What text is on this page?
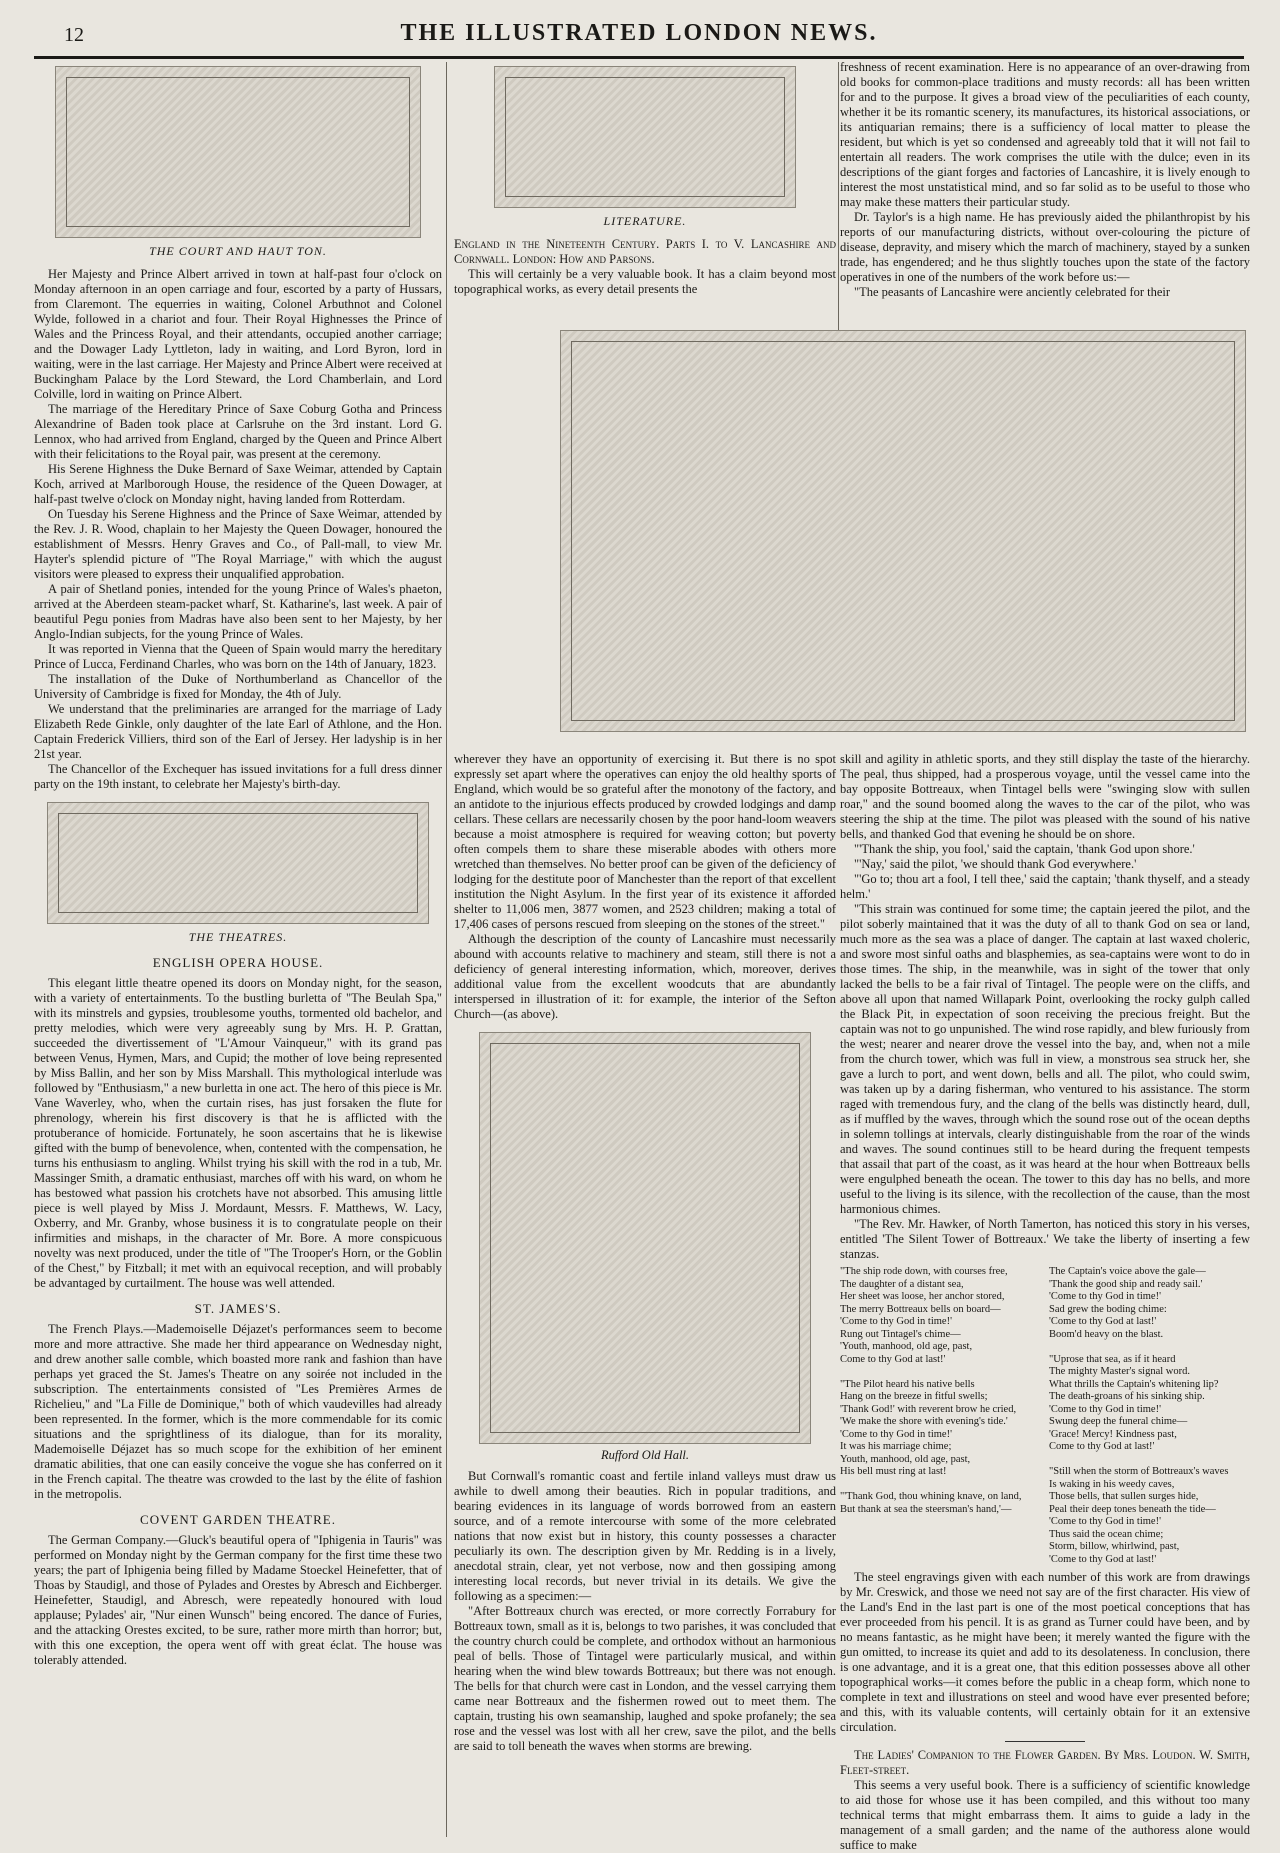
12	THE ILLUSTRATED LONDON NEWS.
THE COURT AND HAUT TON.

Her Majesty and Prince Albert arrived in town at half-past four o'clock on Monday afternoon in an open carriage and four, escorted by a party of Hussars, from Claremont. The equerries in waiting, Colonel Arbuthnot and Colonel Wylde, followed in a chariot and four. Their Royal Highnesses the Prince of Wales and the Princess Royal, and their attendants, occupied another carriage; and the Dowager Lady Lyttleton, lady in waiting, and Lord Byron, lord in waiting, were in the last carriage. Her Majesty and Prince Albert were received at Buckingham Palace by the Lord Steward, the Lord Chamberlain, and Lord Colville, lord in waiting on Prince Albert.

The marriage of the Hereditary Prince of Saxe Coburg Gotha and Princess Alexandrine of Baden took place at Carlsruhe on the 3rd instant. Lord G. Lennox, who had arrived from England, charged by the Queen and Prince Albert with their felicitations to the Royal pair, was present at the ceremony.

His Serene Highness the Duke Bernard of Saxe Weimar, attended by Captain Koch, arrived at Marlborough House, the residence of the Queen Dowager, at half-past twelve o'clock on Monday night, having landed from Rotterdam.

On Tuesday his Serene Highness and the Prince of Saxe Weimar, attended by the Rev. J. R. Wood, chaplain to her Majesty the Queen Dowager, honoured the establishment of Messrs. Henry Graves and Co., of Pall-mall, to view Mr. Hayter's splendid picture of "The Royal Marriage," with which the august visitors were pleased to express their unqualified approbation.

A pair of Shetland ponies, intended for the young Prince of Wales's phaeton, arrived at the Aberdeen steam-packet wharf, St. Katharine's, last week. A pair of beautiful Pegu ponies from Madras have also been sent to her Majesty, by her Anglo-Indian subjects, for the young Prince of Wales.

It was reported in Vienna that the Queen of Spain would marry the hereditary Prince of Lucca, Ferdinand Charles, who was born on the 14th of January, 1823.

The installation of the Duke of Northumberland as Chancellor of the University of Cambridge is fixed for Monday, the 4th of July.

We understand that the preliminaries are arranged for the marriage of Lady Elizabeth Rede Ginkle, only daughter of the late Earl of Athlone, and the Hon. Captain Frederick Villiers, third son of the Earl of Jersey. Her ladyship is in her 21st year.

The Chancellor of the Exchequer has issued invitations for a full dress dinner party on the 19th instant, to celebrate her Majesty's birth-day.

THE THEATRES.
ENGLISH OPERA HOUSE.

This elegant little theatre opened its doors on Monday night, for the season, with a variety of entertainments. To the bustling burletta of "The Beulah Spa," with its minstrels and gypsies, troublesome youths, tormented old bachelor, and pretty melodies, which were very agreeably sung by Mrs. H. P. Grattan, succeeded the divertissement of "L'Amour Vainqueur," with its grand pas between Venus, Hymen, Mars, and Cupid; the mother of love being represented by Miss Ballin, and her son by Miss Marshall. This mythological interlude was followed by "Enthusiasm," a new burletta in one act. The hero of this piece is Mr. Vane Waverley, who, when the curtain rises, has just forsaken the flute for phrenology, wherein his first discovery is that he is afflicted with the protuberance of homicide. Fortunately, he soon ascertains that he is likewise gifted with the bump of benevolence, when, contented with the compensation, he turns his enthusiasm to angling. Whilst trying his skill with the rod in a tub, Mr. Massinger Smith, a dramatic enthusiast, marches off with his ward, on whom he has bestowed what passion his crotchets have not absorbed. This amusing little piece is well played by Miss J. Mordaunt, Messrs. F. Matthews, W. Lacy, Oxberry, and Mr. Granby, whose business it is to congratulate people on their infirmities and mishaps, in the character of Mr. Bore. A more conspicuous novelty was next produced, under the title of "The Trooper's Horn, or the Goblin of the Chest," by Fitzball; it met with an equivocal reception, and will probably be advantaged by curtailment. The house was well attended.

ST. JAMES'S.

The French Plays.—Mademoiselle Déjazet's performances seem to become more and more attractive. She made her third appearance on Wednesday night, and drew another salle comble, which boasted more rank and fashion than have perhaps yet graced the St. James's Theatre on any soirée not included in the subscription. The entertainments consisted of "Les Premières Armes de Richelieu," and "La Fille de Dominique," both of which vaudevilles had already been represented. In the former, which is the more commendable for its comic situations and the sprightliness of its dialogue, than for its morality, Mademoiselle Déjazet has so much scope for the exhibition of her eminent dramatic abilities, that one can easily conceive the vogue she has conferred on it in the French capital. The theatre was crowded to the last by the élite of fashion in the metropolis.

COVENT GARDEN THEATRE.

The German Company.—Gluck's beautiful opera of "Iphigenia in Tauris" was performed on Monday night by the German company for the first time these two years; the part of Iphigenia being filled by Madame Stoeckel Heinefetter, that of Thoas by Staudigl, and those of Pylades and Orestes by Abresch and Eichberger. Heinefetter, Staudigl, and Abresch, were repeatedly honoured with loud applause; Pylades' air, "Nur einen Wunsch" being encored. The dance of Furies, and the attacking Orestes excited, to be sure, rather more mirth than horror; but, with this one exception, the opera went off with great éclat. The house was tolerably attended.

LITERATURE.

England in the Nineteenth Century. Parts I. to V. Lancashire and Cornwall. London: How and Parsons.

This will certainly be a very valuable book. It has a claim beyond most topographical works, as every detail presents the

freshness of recent examination. Here is no appearance of an over-drawing from old books for common-place traditions and musty records: all has been written for and to the purpose. It gives a broad view of the peculiarities of each county, whether it be its romantic scenery, its manufactures, its historical associations, or its antiquarian remains; there is a sufficiency of local matter to please the resident, but which is yet so condensed and agreeably told that it will not fail to entertain all readers. The work comprises the utile with the dulce; even in its descriptions of the giant forges and factories of Lancashire, it is lively enough to interest the most unstatistical mind, and so far solid as to be useful to those who may make these matters their particular study.

Dr. Taylor's is a high name. He has previously aided the philanthropist by his reports of our manufacturing districts, without over-colouring the picture of disease, depravity, and misery which the march of machinery, stayed by a sunken trade, has engendered; and he thus slightly touches upon the state of the factory operatives in one of the numbers of the work before us:—

"The peasants of Lancashire were anciently celebrated for their

wherever they have an opportunity of exercising it. But there is no spot expressly set apart where the operatives can enjoy the old healthy sports of England, which would be so grateful after the monotony of the factory, and an antidote to the injurious effects produced by crowded lodgings and damp cellars. These cellars are necessarily chosen by the poor hand-loom weavers because a moist atmosphere is required for weaving cotton; but poverty often compels them to share these miserable abodes with others more wretched than themselves. No better proof can be given of the deficiency of lodging for the destitute poor of Manchester than the report of that excellent institution the Night Asylum. In the first year of its existence it afforded shelter to 11,006 men, 3877 women, and 2523 children; making a total of 17,406 cases of persons rescued from sleeping on the stones of the street."

Although the description of the county of Lancashire must necessarily abound with accounts relative to machinery and steam, still there is not a deficiency of general interesting information, which, moreover, derives additional value from the excellent woodcuts that are abundantly interspersed in illustration of it: for example, the interior of the Sefton Church—(as above).

Rufford Old Hall.

But Cornwall's romantic coast and fertile inland valleys must draw us awhile to dwell among their beauties. Rich in popular traditions, and bearing evidences in its language of words borrowed from an eastern source, and of a remote intercourse with some of the more celebrated nations that now exist but in history, this county possesses a character peculiarly its own. The description given by Mr. Redding is in a lively, anecdotal strain, clear, yet not verbose, now and then gossiping among interesting local records, but never trivial in its details. We give the following as a specimen:—

"After Bottreaux church was erected, or more correctly Forrabury for Bottreaux town, small as it is, belongs to two parishes, it was concluded that the country church could be complete, and orthodox without an harmonious peal of bells. Those of Tintagel were particularly musical, and within hearing when the wind blew towards Bottreaux; but there was not enough. The bells for that church were cast in London, and the vessel carrying them came near Bottreaux and the fishermen rowed out to meet them. The captain, trusting his own seamanship, laughed and spoke profanely; the sea rose and the vessel was lost with all her crew, save the pilot, and the bells are said to toll beneath the waves when storms are brewing.

skill and agility in athletic sports, and they still display the taste of the hierarchy. The peal, thus shipped, had a prosperous voyage, until the vessel came into the bay opposite Bottreaux, when Tintagel bells were "swinging slow with sullen roar," and the sound boomed along the waves to the car of the pilot, who was steering the ship at the time. The pilot was pleased with the sound of his native bells, and thanked God that evening he should be on shore.

"'Thank the ship, you fool,' said the captain, 'thank God upon shore.'

"'Nay,' said the pilot, 'we should thank God everywhere.'

"'Go to; thou art a fool, I tell thee,' said the captain; 'thank thyself, and a steady helm.'

"This strain was continued for some time; the captain jeered the pilot, and the pilot soberly maintained that it was the duty of all to thank God on sea or land, much more as the sea was a place of danger. The captain at last waxed choleric, and swore most sinful oaths and blasphemies, as sea-captains were wont to do in those times. The ship, in the meanwhile, was in sight of the tower that only lacked the bells to be a fair rival of Tintagel. The people were on the cliffs, and above all upon that named Willapark Point, overlooking the rocky gulph called the Black Pit, in expectation of soon receiving the precious freight. But the captain was not to go unpunished. The wind rose rapidly, and blew furiously from the west; nearer and nearer drove the vessel into the bay, and, when not a mile from the church tower, which was full in view, a monstrous sea struck her, she gave a lurch to port, and went down, bells and all. The pilot, who could swim, was taken up by a daring fisherman, who ventured to his assistance. The storm raged with tremendous fury, and the clang of the bells was distinctly heard, dull, as if muffled by the waves, through which the sound rose out of the ocean depths in solemn tollings at intervals, clearly distinguishable from the roar of the winds and waves. The sound continues still to be heard during the frequent tempests that assail that part of the coast, as it was heard at the hour when Bottreaux bells were engulphed beneath the ocean. The tower to this day has no bells, and more useful to the living is its silence, with the recollection of the cause, than the most harmonious chimes.

"The Rev. Mr. Hawker, of North Tamerton, has noticed this story in his verses, entitled 'The Silent Tower of Bottreaux.' We take the liberty of inserting a few stanzas.

"The ship rode down, with courses free,
The daughter of a distant sea,
Her sheet was loose, her anchor stored,
The merry Bottreaux bells on board—
'Come to thy God in time!'
Rung out Tintagel's chime—
'Youth, manhood, old age, past,
Come to thy God at last!'

"The Pilot heard his native bells
Hang on the breeze in fitful swells;
'Thank God!' with reverent brow he cried,
'We make the shore with evening's tide.'
'Come to thy God in time!'
It was his marriage chime;
Youth, manhood, old age, past,
His bell must ring at last!

"'Thank God, thou whining knave, on land,
But thank at sea the steersman's hand,'—
The Captain's voice above the gale—
'Thank the good ship and ready sail.'
'Come to thy God in time!'
Sad grew the boding chime:
'Come to thy God at last!'
Boom'd heavy on the blast.

"Uprose that sea, as if it heard
The mighty Master's signal word.
What thrills the Captain's whitening lip?
The death-groans of his sinking ship.
'Come to thy God in time!'
Swung deep the funeral chime—
'Grace! Mercy! Kindness past,
Come to thy God at last!'

"Still when the storm of Bottreaux's waves
Is waking in his weedy caves,
Those bells, that sullen surges hide,
Peal their deep tones beneath the tide—
'Come to thy God in time!'
Thus said the ocean chime;
Storm, billow, whirlwind, past,
'Come to thy God at last!'

The steel engravings given with each number of this work are from drawings by Mr. Creswick, and those we need not say are of the first character. His view of the Land's End in the last part is one of the most poetical conceptions that has ever proceeded from his pencil. It is as grand as Turner could have been, and by no means fantastic, as he might have been; it merely wanted the figure with the gun omitted, to increase its quiet and add to its desolateness. In conclusion, there is one advantage, and it is a great one, that this edition possesses above all other topographical works—it comes before the public in a cheap form, which none to complete in text and illustrations on steel and wood have ever presented before; and this, with its valuable contents, will certainly obtain for it an extensive circulation.

The Ladies' Companion to the Flower Garden. By Mrs. Loudon. W. Smith, Fleet-street.

This seems a very useful book. There is a sufficiency of scientific knowledge to aid those for whose use it has been compiled, and this without too many technical terms that might embarrass them. It aims to guide a lady in the management of a small garden; and the name of the authoress alone would suffice to make
